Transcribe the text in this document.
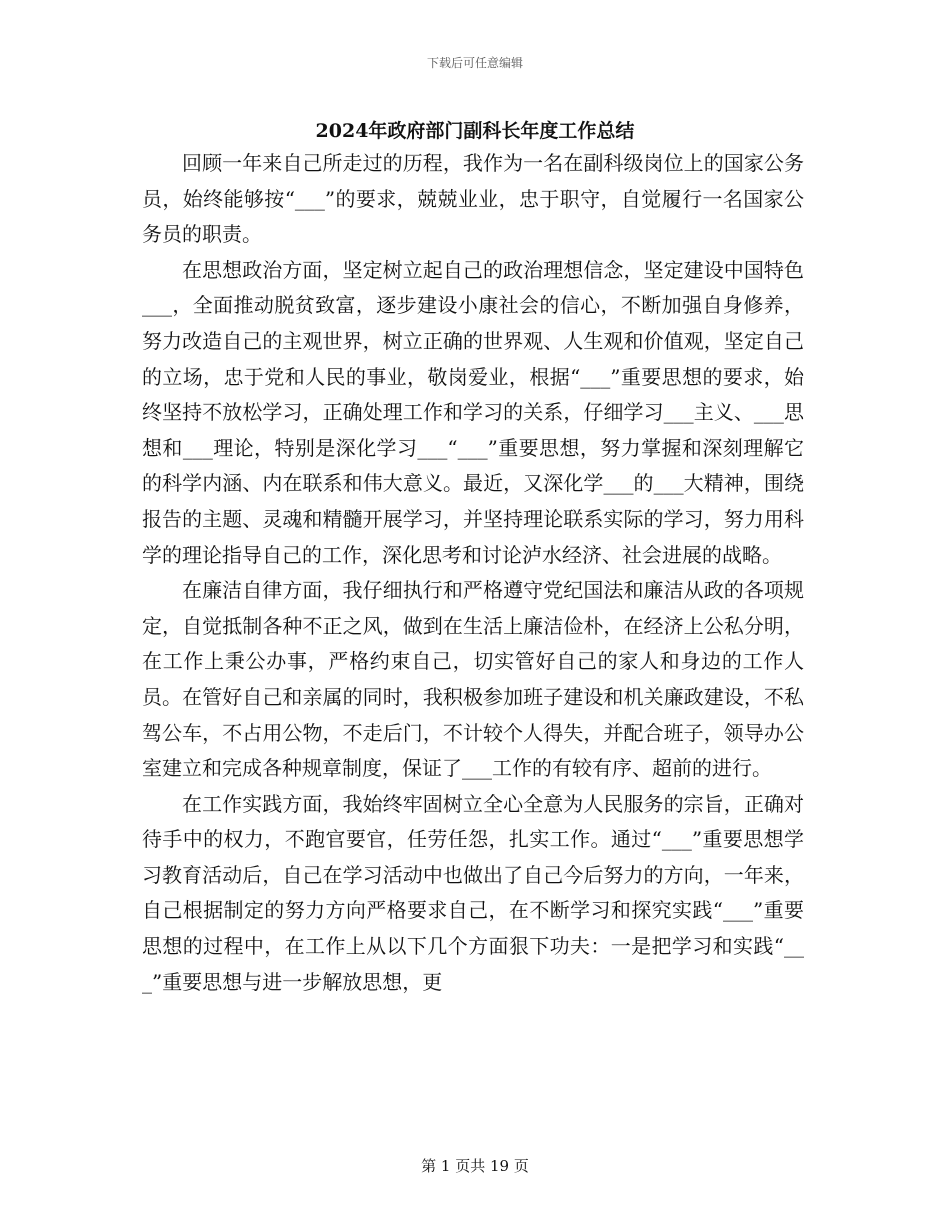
下载后可任意编辑
2024年政府部门副科长年度工作总结

回顾一年来自己所走过的历程，我作为一名在副科级岗位上的国家公务员，始终能够按“___”的要求，兢兢业业，忠于职守，自觉履行一名国家公务员的职责。

在思想政治方面，坚定树立起自己的政治理想信念，坚定建设中国特色___，全面推动脱贫致富，逐步建设小康社会的信心，不断加强自身修养，努力改造自己的主观世界，树立正确的世界观、人生观和价值观，坚定自己的立场，忠于党和人民的事业，敬岗爱业，根据“___”重要思想的要求，始终坚持不放松学习，正确处理工作和学习的关系，仔细学习___主义、___思想和___理论，特别是深化学习___“___”重要思想，努力掌握和深刻理解它的科学内涵、内在联系和伟大意义。最近，又深化学___的___大精神，围绕报告的主题、灵魂和精髓开展学习，并坚持理论联系实际的学习，努力用科学的理论指导自己的工作，深化思考和讨论泸水经济、社会进展的战略。

在廉洁自律方面，我仔细执行和严格遵守党纪国法和廉洁从政的各项规定，自觉抵制各种不正之风，做到在生活上廉洁俭朴，在经济上公私分明，在工作上秉公办事，严格约束自己，切实管好自己的家人和身边的工作人员。在管好自己和亲属的同时，我积极参加班子建设和机关廉政建设，不私驾公车，不占用公物，不走后门，不计较个人得失，并配合班子，领导办公室建立和完成各种规章制度，保证了___工作的有较有序、超前的进行。

在工作实践方面，我始终牢固树立全心全意为人民服务的宗旨，正确对待手中的权力，不跑官要官，任劳任怨，扎实工作。通过“___”重要思想学习教育活动后，自己在学习活动中也做出了自己今后努力的方向，一年来，自己根据制定的努力方向严格要求自己，在不断学习和探究实践“___”重要思想的过程中，在工作上从以下几个方面狠下功夫：一是把学习和实践“___”重要思想与进一步解放思想，更

第 1 页共 19 页
